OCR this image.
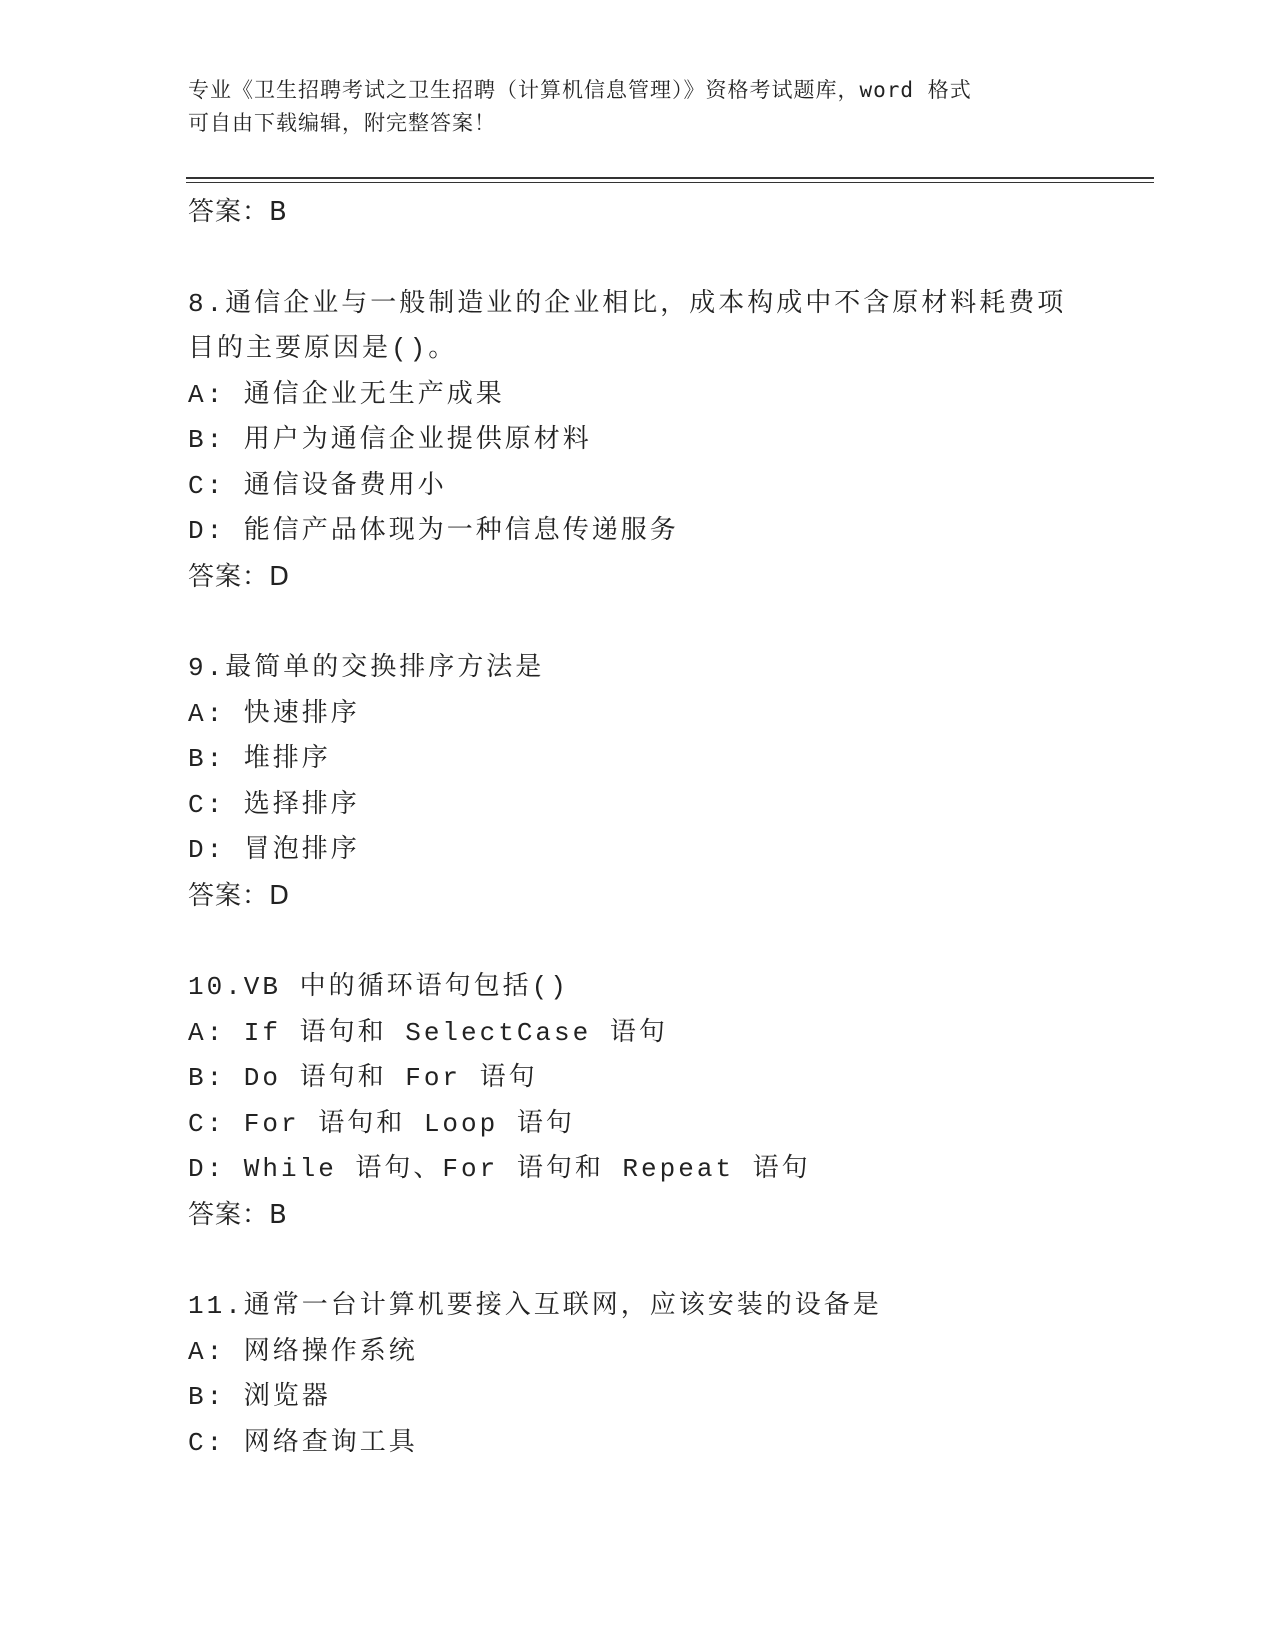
专业《卫生招聘考试之卫生招聘（计算机信息管理）》资格考试题库，word 格式
可自由下载编辑，附完整答案！
答案：B
8.通信企业与一般制造业的企业相比，成本构成中不含原材料耗费项
目的主要原因是()。
A: 通信企业无生产成果
B: 用户为通信企业提供原材料
C: 通信设备费用小
D: 能信产品体现为一种信息传递服务
答案：D
9.最简单的交换排序方法是
A: 快速排序
B: 堆排序
C: 选择排序
D: 冒泡排序
答案：D
10.VB 中的循环语句包括()
A: If 语句和 SelectCase 语句
B: Do 语句和 For 语句
C: For 语句和 Loop 语句
D: While 语句、For 语句和 Repeat 语句
答案：B
11.通常一台计算机要接入互联网，应该安装的设备是
A: 网络操作系统
B: 浏览器
C: 网络查询工具
